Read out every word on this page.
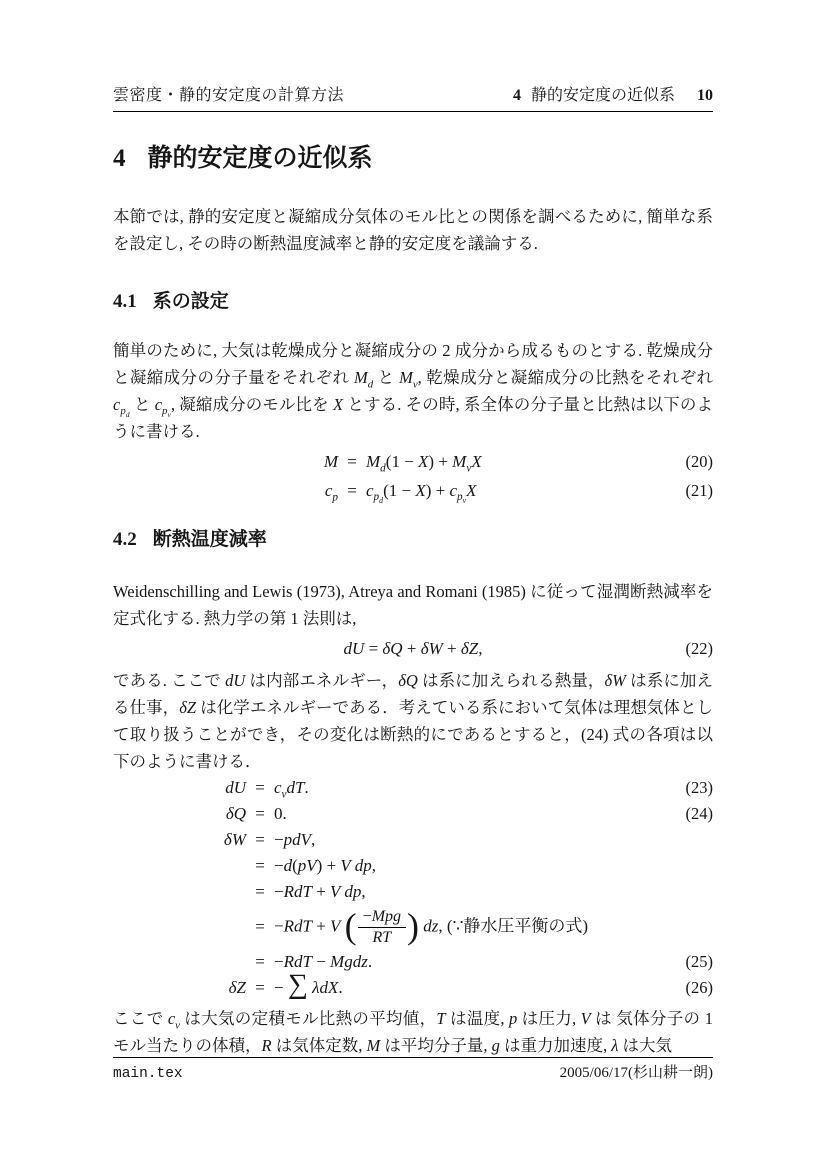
雲密度・静的安定度の計算方法	4 静的安定度の近似系 10
4 静的安定度の近似系

本節では, 静的安定度と凝縮成分気体のモル比との関係を調べるために, 簡単な系を設定し, その時の断熱温度減率と静的安定度を議論する.

4.1 系の設定

簡単のために, 大気は乾燥成分と凝縮成分の 2 成分から成るものとする. 乾燥成分と凝縮成分の分子量をそれぞれ $M_d$ と $M_v$, 乾燥成分と凝縮成分の比熱をそれぞれ $c_{p_d}$ と $c_{p_v}$, 凝縮成分のモル比を X とする. その時, 系全体の分子量と比熱は以下のように書ける.

$M = M_d(1 - X) + M_vX$	(20)
$c_p = c_{p_d}(1 - X) + c_{p_v}X$	(21)
4.2 断熱温度減率

Weidenschilling and Lewis (1973), Atreya and Romani (1985) に従って湿潤断熱減率を定式化する. 熱力学の第 1 法則は,

dU = δQ + δW + δZ,	(22)

である. ここで dU は内部エネルギー，δQ は系に加えられる熱量，δW は系に加える仕事，δZ は化学エネルギーである．考えている系において気体は理想気体として取り扱うことができ，その変化は断熱的にであるとすると，(24) 式の各項は以下のように書ける．

dU = $c_vdT$.	(23)
δQ = 0.	(24)
δW = −pdV,
= −d(pV) + V dp,
= −RdT + V dp,
= −RdT + V ( $\frac{\text{−Mpg}}{RT}$ ) dz, (∵静水圧平衡の式)
= −RdT − Mgdz.	(25)
δZ = − ∑ λdX.	(26)

ここで $c_v$ は大気の定積モル比熱の平均値，T は温度, p は圧力, V は 気体分子の 1 モル当たりの体積，R は気体定数, M は平均分子量, g は重力加速度, λ は大気

main.tex	2005/06/17(杉山耕一朗)
